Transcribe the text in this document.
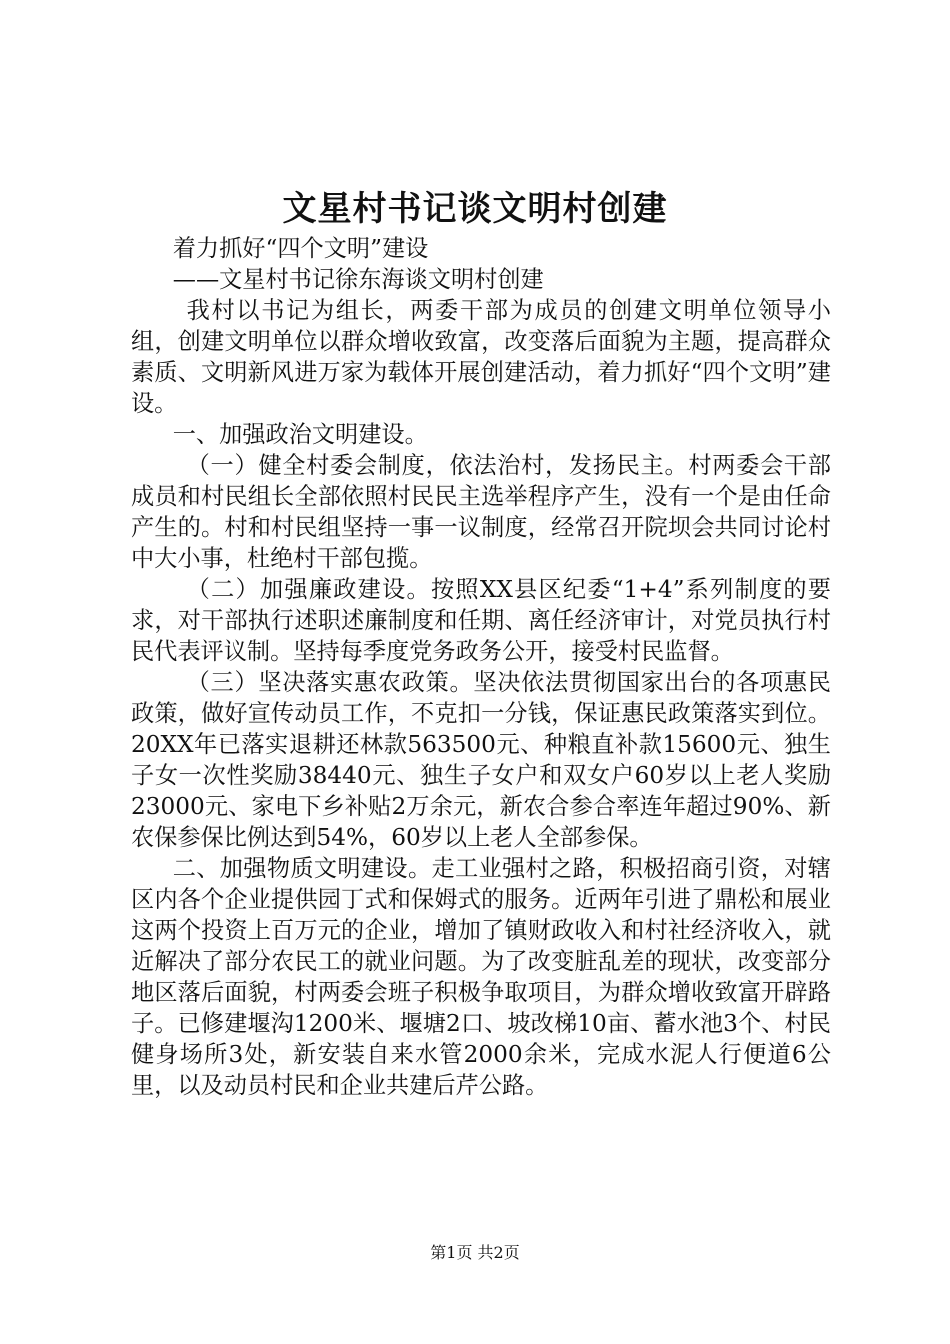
文星村书记谈文明村创建

着力抓好“四个文明”建设

——文星村书记徐东海谈文明村创建

我村以书记为组长，两委干部为成员的创建文明单位领导小组，创建文明单位以群众增收致富，改变落后面貌为主题，提高群众素质、文明新风进万家为载体开展创建活动，着力抓好“四个文明”建设。

一、加强政治文明建设。

（一）健全村委会制度，依法治村，发扬民主。村两委会干部成员和村民组长全部依照村民民主选举程序产生，没有一个是由任命产生的。村和村民组坚持一事一议制度，经常召开院坝会共同讨论村中大小事，杜绝村干部包揽。

（二）加强廉政建设。按照XX县区纪委“1+4”系列制度的要求，对干部执行述职述廉制度和任期、离任经济审计，对党员执行村民代表评议制。坚持每季度党务政务公开，接受村民监督。

（三）坚决落实惠农政策。坚决依法贯彻国家出台的各项惠民政策，做好宣传动员工作，不克扣一分钱，保证惠民政策落实到位。20XX年已落实退耕还林款563500元、种粮直补款15600元、独生子女一次性奖励38440元、独生子女户和双女户60岁以上老人奖励23000元、家电下乡补贴2万余元，新农合参合率连年超过90%、新农保参保比例达到54%，60岁以上老人全部参保。

二、加强物质文明建设。走工业强村之路，积极招商引资，对辖区内各个企业提供园丁式和保姆式的服务。近两年引进了鼎松和展业这两个投资上百万元的企业，增加了镇财政收入和村社经济收入，就近解决了部分农民工的就业问题。为了改变脏乱差的现状，改变部分地区落后面貌，村两委会班子积极争取项目，为群众增收致富开辟路子。已修建堰沟1200米、堰塘2口、坡改梯10亩、蓄水池3个、村民健身场所3处，新安装自来水管2000余米，完成水泥人行便道6公里，以及动员村民和企业共建后芹公路。

第1页 共2页
